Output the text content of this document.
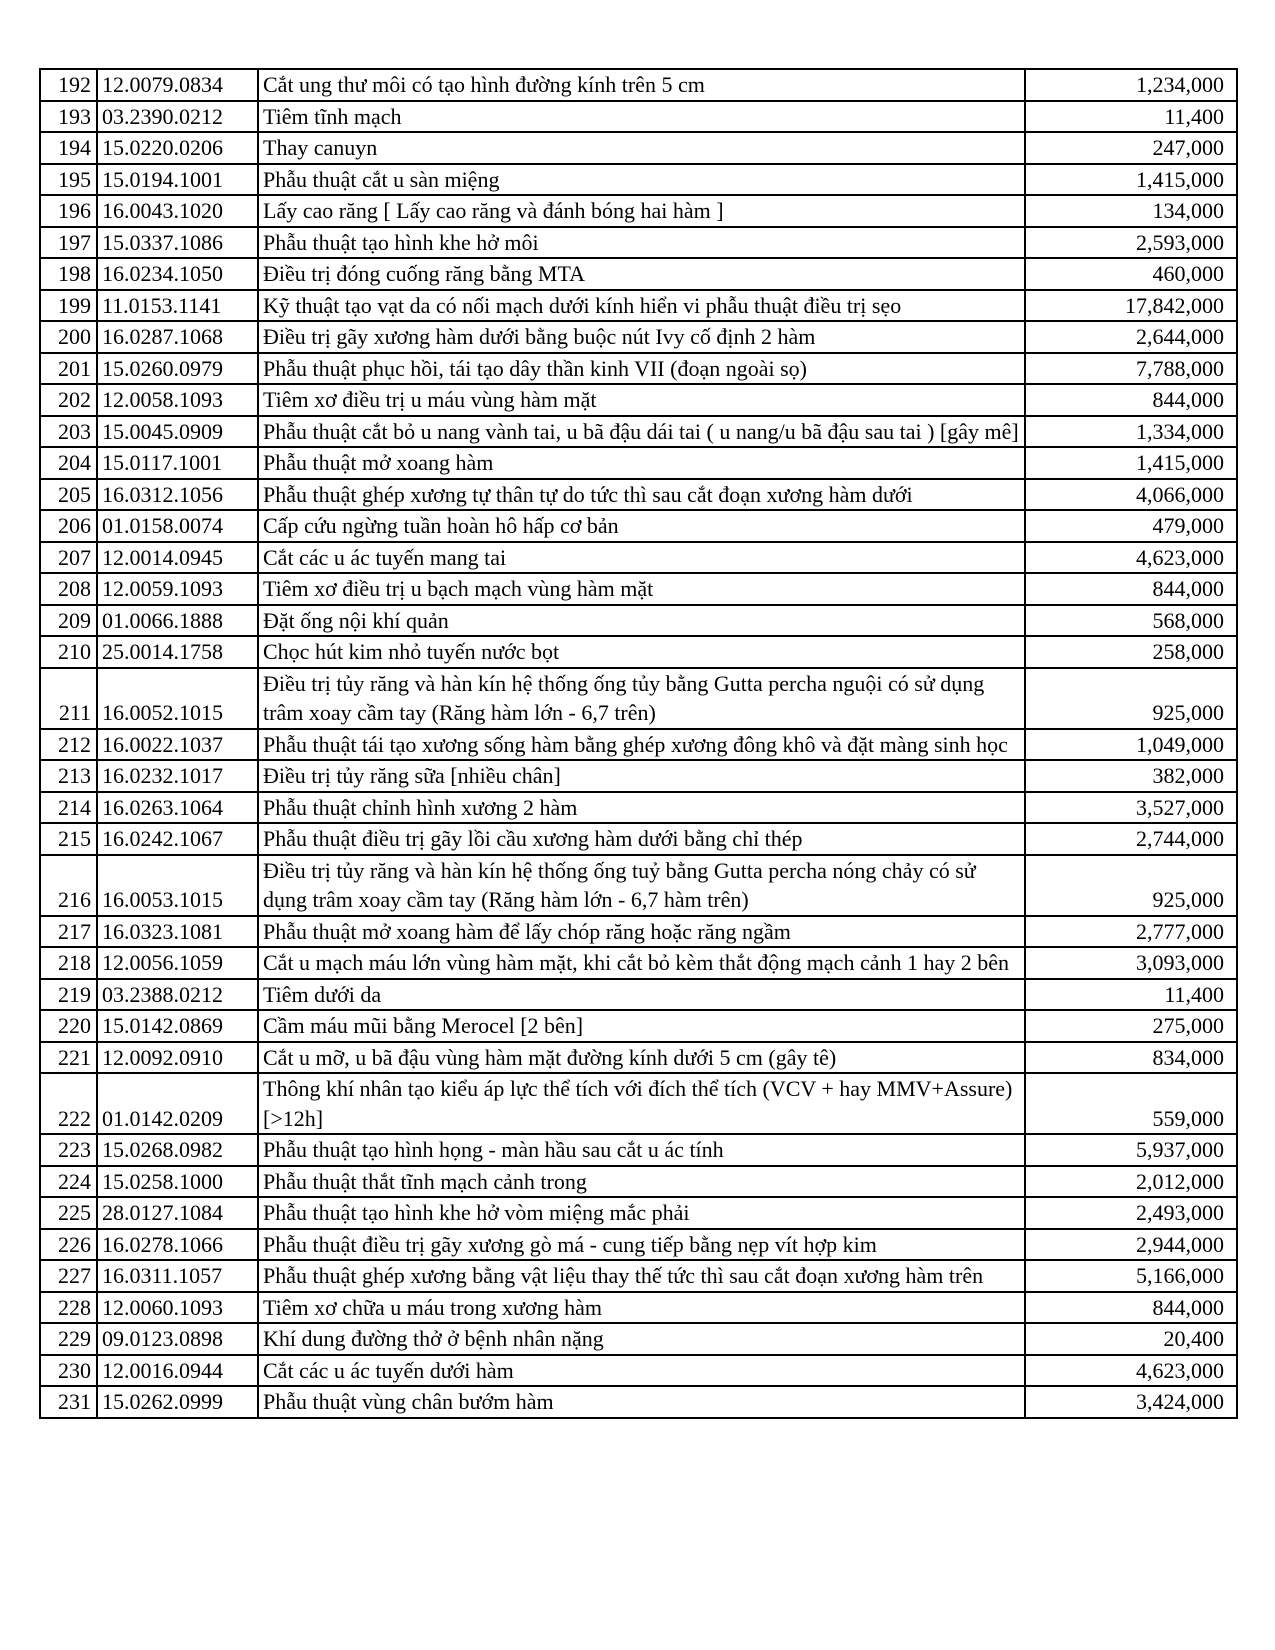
192	12.0079.0834	Cắt ung thư môi có tạo hình đường kính trên 5 cm	1,234,000
193	03.2390.0212	Tiêm tĩnh mạch	11,400
194	15.0220.0206	Thay canuyn	247,000
195	15.0194.1001	Phẫu thuật cắt u sàn miệng	1,415,000
196	16.0043.1020	Lấy cao răng [ Lấy cao răng và đánh bóng hai hàm ]	134,000
197	15.0337.1086	Phẫu thuật tạo hình khe hở môi	2,593,000
198	16.0234.1050	Điều trị đóng cuống răng bằng MTA	460,000
199	11.0153.1141	Kỹ thuật tạo vạt da có nối mạch dưới kính hiển vi phẫu thuật điều trị sẹo	17,842,000
200	16.0287.1068	Điều trị gãy xương hàm dưới bằng buộc nút Ivy cố định 2 hàm	2,644,000
201	15.0260.0979	Phẫu thuật phục hồi, tái tạo dây thần kinh VII (đoạn ngoài sọ)	7,788,000
202	12.0058.1093	Tiêm xơ điều trị u máu vùng hàm mặt	844,000
203	15.0045.0909	Phẫu thuật cắt bỏ u nang vành tai, u bã đậu dái tai ( u nang/u bã đậu sau tai ) [gây mê]	1,334,000
204	15.0117.1001	Phẫu thuật mở xoang hàm	1,415,000
205	16.0312.1056	Phẫu thuật ghép xương tự thân tự do tức thì sau cắt đoạn xương hàm dưới	4,066,000
206	01.0158.0074	Cấp cứu ngừng tuần hoàn hô hấp cơ bản	479,000
207	12.0014.0945	Cắt các u ác tuyến mang tai	4,623,000
208	12.0059.1093	Tiêm xơ điều trị u bạch mạch vùng hàm mặt	844,000
209	01.0066.1888	Đặt ống nội khí quản	568,000
210	25.0014.1758	Chọc hút kim nhỏ tuyến nước bọt	258,000
211	16.0052.1015	Điều trị tủy răng và hàn kín hệ thống ống tủy bằng Gutta percha nguội có sử dụng trâm xoay cầm tay (Răng hàm lớn - 6,7 trên)	925,000
212	16.0022.1037	Phẫu thuật tái tạo xương sống hàm bằng ghép xương đông khô và đặt màng sinh học	1,049,000
213	16.0232.1017	Điều trị tủy răng sữa [nhiều chân]	382,000
214	16.0263.1064	Phẫu thuật chỉnh hình xương 2 hàm	3,527,000
215	16.0242.1067	Phẫu thuật điều trị gãy lồi cầu xương hàm dưới bằng chỉ thép	2,744,000
216	16.0053.1015	Điều trị tủy răng và hàn kín hệ thống ống tuỷ bằng Gutta percha nóng chảy có sử dụng trâm xoay cầm tay (Răng hàm lớn - 6,7 hàm trên)	925,000
217	16.0323.1081	Phẫu thuật mở xoang hàm để lấy chóp răng hoặc răng ngầm	2,777,000
218	12.0056.1059	Cắt u mạch máu lớn vùng hàm mặt, khi cắt bỏ kèm thắt động mạch cảnh 1 hay 2 bên	3,093,000
219	03.2388.0212	Tiêm dưới da	11,400
220	15.0142.0869	Cầm máu mũi bằng Merocel [2 bên]	275,000
221	12.0092.0910	Cắt u mỡ, u bã đậu vùng hàm mặt đường kính dưới 5 cm (gây tê)	834,000
222	01.0142.0209	Thông khí nhân tạo kiểu áp lực thể tích với đích thể tích (VCV + hay MMV+Assure) [>12h]	559,000
223	15.0268.0982	Phẫu thuật tạo hình họng - màn hầu sau cắt u ác tính	5,937,000
224	15.0258.1000	Phẫu thuật thắt tĩnh mạch cảnh trong	2,012,000
225	28.0127.1084	Phẫu thuật tạo hình khe hở vòm miệng mắc phải	2,493,000
226	16.0278.1066	Phẫu thuật điều trị gãy xương gò má - cung tiếp bằng nẹp vít hợp kim	2,944,000
227	16.0311.1057	Phẫu thuật ghép xương bằng vật liệu thay thế tức thì sau cắt đoạn xương hàm trên	5,166,000
228	12.0060.1093	Tiêm xơ chữa u máu trong xương hàm	844,000
229	09.0123.0898	Khí dung đường thở ở bệnh nhân nặng	20,400
230	12.0016.0944	Cắt các u ác tuyến dưới hàm	4,623,000
231	15.0262.0999	Phẫu thuật vùng chân bướm hàm	3,424,000
